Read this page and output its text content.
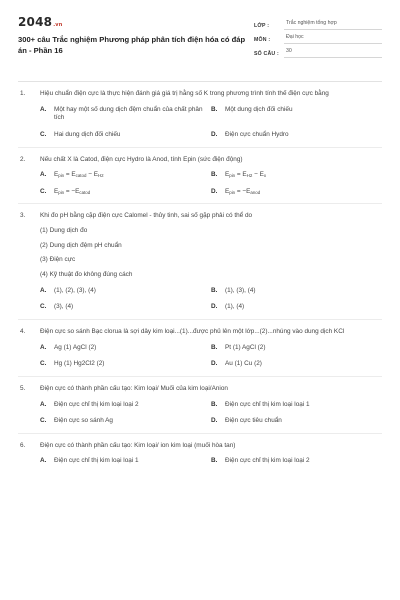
2048.vn
300+ câu Trắc nghiệm Phương pháp phân tích điện hóa có đáp án - Phần 16
LỚP :	Trắc nghiệm tổng hợp
MÔN :	Đại học
SỐ CÂU :	30
1.	Hiệu chuẩn điện cực là thực hiện đánh giá giá trị hằng số K trong phương trình tính thế điện cực bằng
A.	Một hay một số dung dịch đệm chuẩn của chất phân tích
B.	Một dung dịch đối chiếu
C.	Hai dung dịch đối chiếu	D.	Điện cực chuẩn Hydro
2.	Nếu chất X là Catod, điện cực Hydro là Anod, tính Epin (sức điện động)
A.	$E_{pin} = E_{catod} - E_{H2}$	B.	$E_{pin} = E_{H2} - E_x$
C.	$E_{pin} = -E_{catod}$	D.	$E_{pin} = -E_{anod}$
3.	Khi đo pH bằng cặp điện cực Calomel - thủy tinh, sai số gặp phải có thể do
(1) Dung dịch đo
(2) Dung dịch đệm pH chuẩn
(3) Điện cực
(4) Kỹ thuật đo không đúng cách
A.	(1), (2), (3), (4)	B.	(1), (3), (4)
C.	(3), (4)	D.	(1), (4)
4.	Điện cực so sánh Bạc clorua là sợi dây kim loại...(1)...được phủ lên một lớp...(2)...nhúng vào dung dịch KCl
A.	Ag (1) AgCl (2)	B.	Pt (1) AgCl (2)
C.	Hg (1) Hg2Cl2 (2)	D.	Au (1) Cu (2)
5.	Điện cực có thành phần cấu tạo: Kim loại/ Muối của kim loại/Anion
A.	Điện cực chỉ thị kim loại loại 2	B.	Điện cực chỉ thị kim loại loại 1
C.	Điện cực so sánh Ag	D.	Điện cực tiêu chuẩn
6.	Điện cực có thành phần cấu tạo: Kim loại/ ion kim loại (muối hòa tan)
A.	Điện cực chỉ thị kim loại loại 1	B.	Điện cực chỉ thị kim loại loại 2
